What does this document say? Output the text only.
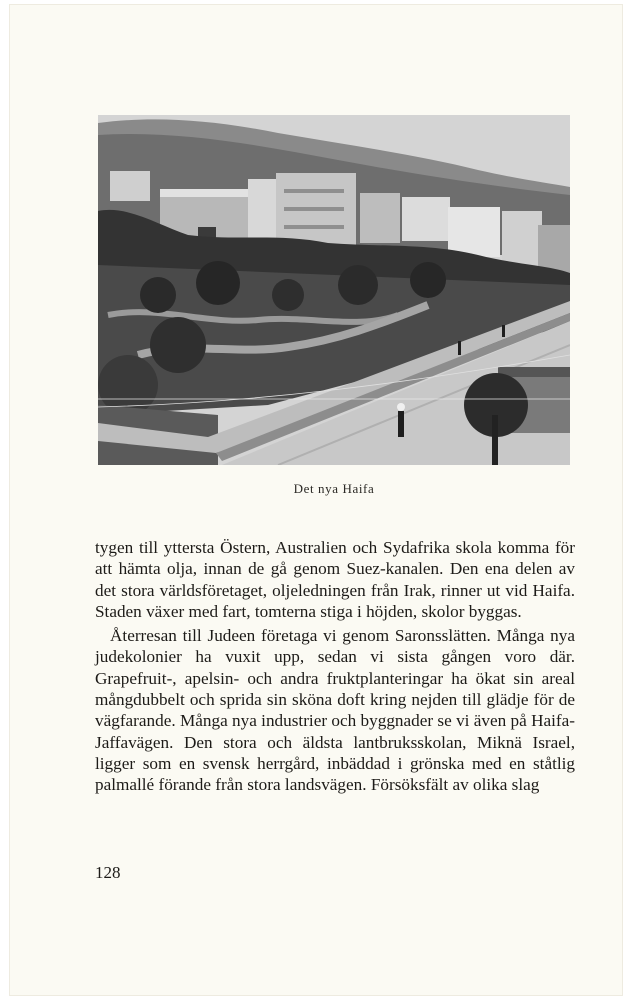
Det nya Haifa

tygen till yttersta Östern, Australien och Sydafrika skola komma för att hämta olja, innan de gå genom Suez-kanalen. Den ena delen av det stora världsföretaget, oljeledningen från Irak, rinner ut vid Haifa. Staden växer med fart, tomterna stiga i höjden, skolor byggas.

Återresan till Judeen företaga vi genom Saronsslätten. Många nya judekolonier ha vuxit upp, sedan vi sista gången voro där. Grapefruit-, apelsin- och andra fruktplanteringar ha ökat sin areal mångdubbelt och sprida sin sköna doft kring nejden till glädje för de vägfarande. Många nya industrier och byggnader se vi även på Haifa-Jaffavägen. Den stora och äldsta lantbruksskolan, Miknä Israel, ligger som en svensk herrgård, inbäddad i grönska med en ståtlig palmallé förande från stora landsvägen. Försöksfält av olika slag

128
